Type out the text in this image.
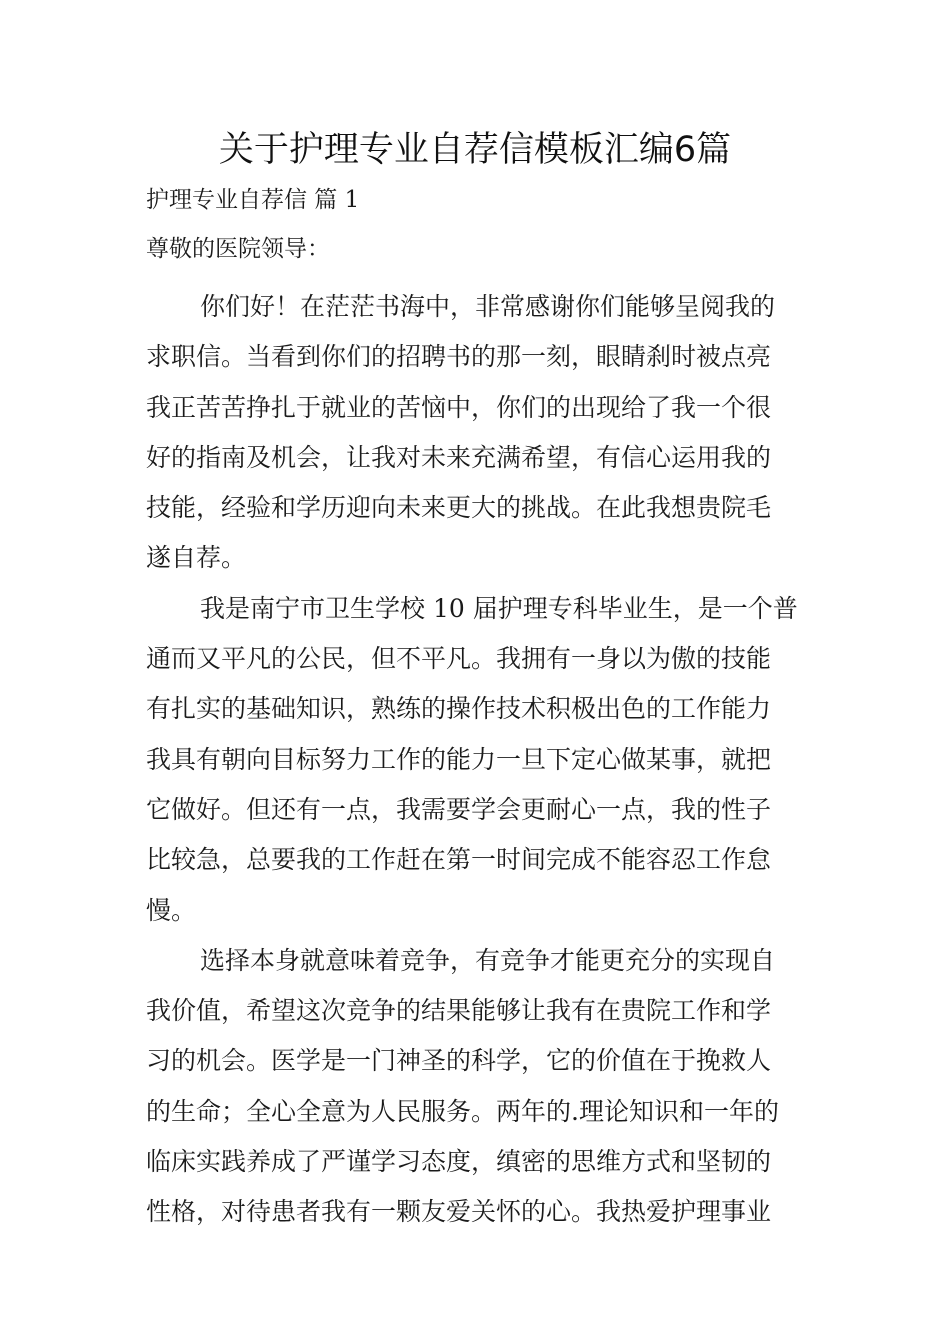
关于护理专业自荐信模板汇编6篇

护理专业自荐信 篇 1

尊敬的医院领导：

你们好！在茫茫书海中，非常感谢你们能够呈阅我的
求职信。当看到你们的招聘书的那一刻，眼睛刹时被点亮
我正苦苦挣扎于就业的苦恼中，你们的出现给了我一个很
好的指南及机会，让我对未来充满希望，有信心运用我的
技能，经验和学历迎向未来更大的挑战。在此我想贵院毛
遂自荐。

我是南宁市卫生学校 10 届护理专科毕业生，是一个普
通而又平凡的公民，但不平凡。我拥有一身以为傲的技能
有扎实的基础知识，熟练的操作技术积极出色的工作能力
我具有朝向目标努力工作的能力一旦下定心做某事，就把
它做好。但还有一点，我需要学会更耐心一点，我的性子
比较急，总要我的工作赶在第一时间完成不能容忍工作怠
慢。

选择本身就意味着竞争，有竞争才能更充分的实现自
我价值，希望这次竞争的结果能够让我有在贵院工作和学
习的机会。医学是一门神圣的科学，它的价值在于挽救人
的生命；全心全意为人民服务。两年的.理论知识和一年的
临床实践养成了严谨学习态度，缜密的思维方式和坚韧的
性格，对待患者我有一颗友爱关怀的心。我热爱护理事业
